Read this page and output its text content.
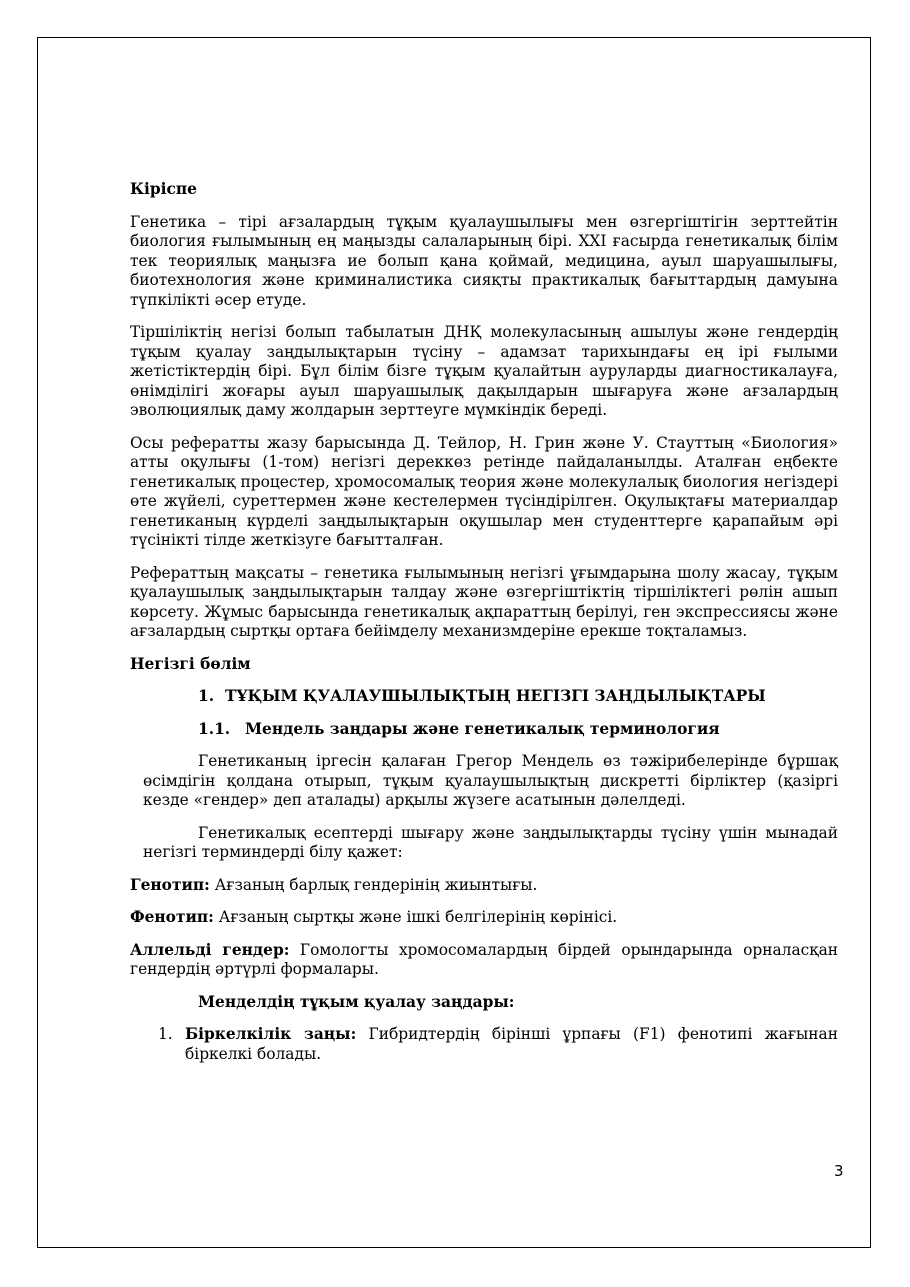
Кіріспе

Генетика – тірі ағзалардың тұқым қуалаушылығы мен өзгергіштігін зерттейтін биология ғылымының ең маңызды салаларының бірі. XXI ғасырда генетикалық білім тек теориялық маңызға ие болып қана қоймай, медицина, ауыл шаруашылығы, биотехнология және криминалистика сияқты практикалық бағыттардың дамуына түпкілікті әсер етуде.

Тіршіліктің негізі болып табылатын ДНҚ молекуласының ашылуы және гендердің тұқым қуалау заңдылықтарын түсіну – адамзат тарихындағы ең ірі ғылыми жетістіктердің бірі. Бұл білім бізге тұқым қуалайтын ауруларды диагностикалауға, өнімділігі жоғары ауыл шаруашылық дақылдарын шығаруға және ағзалардың эволюциялық даму жолдарын зерттеуге мүмкіндік береді.

Осы рефератты жазу барысында Д. Тейлор, Н. Грин және У. Стауттың «Биология» атты оқулығы (1-том) негізгі дереккөз ретінде пайдаланылды. Аталған еңбекте генетикалық процестер, хромосомалық теория және молекулалық биология негіздері өте жүйелі, суреттермен және кестелермен түсіндірілген. Оқулықтағы материалдар генетиканың күрделі заңдылықтарын оқушылар мен студенттерге қарапайым әрі түсінікті тілде жеткізуге бағытталған.

Рефераттың мақсаты – генетика ғылымының негізгі ұғымдарына шолу жасау, тұқым қуалаушылық заңдылықтарын талдау және өзгергіштіктің тіршіліктегі рөлін ашып көрсету. Жұмыс барысында генетикалық ақпараттың берілуі, ген экспрессиясы және ағзалардың сыртқы ортаға бейімделу механизмдеріне ерекше тоқталамыз.

Негізгі бөлім

1. ТҰҚЫМ ҚУАЛАУШЫЛЫҚТЫҢ НЕГІЗГІ ЗАҢДЫЛЫҚТАРЫ

1.1. Мендель заңдары және генетикалық терминология

Генетиканың іргесін қалаған Грегор Мендель өз тәжірибелерінде бұршақ өсімдігін қолдана отырып, тұқым қуалаушылықтың дискретті бірліктер (қазіргі кезде «гендер» деп аталады) арқылы жүзеге асатынын дәлелдеді.

Генетикалық есептерді шығару және заңдылықтарды түсіну үшін мынадай негізгі терминдерді білу қажет:

Генотип: Ағзаның барлық гендерінің жиынтығы.

Фенотип: Ағзаның сыртқы және ішкі белгілерінің көрінісі.

Аллельді гендер: Гомологты хромосомалардың бірдей орындарында орналасқан гендердің әртүрлі формалары.

Менделдің тұқым қуалау заңдары:

1. Біркелкілік заңы: Гибридтердің бірінші ұрпағы (F1) фенотипі жағынан біркелкі болады.

3
